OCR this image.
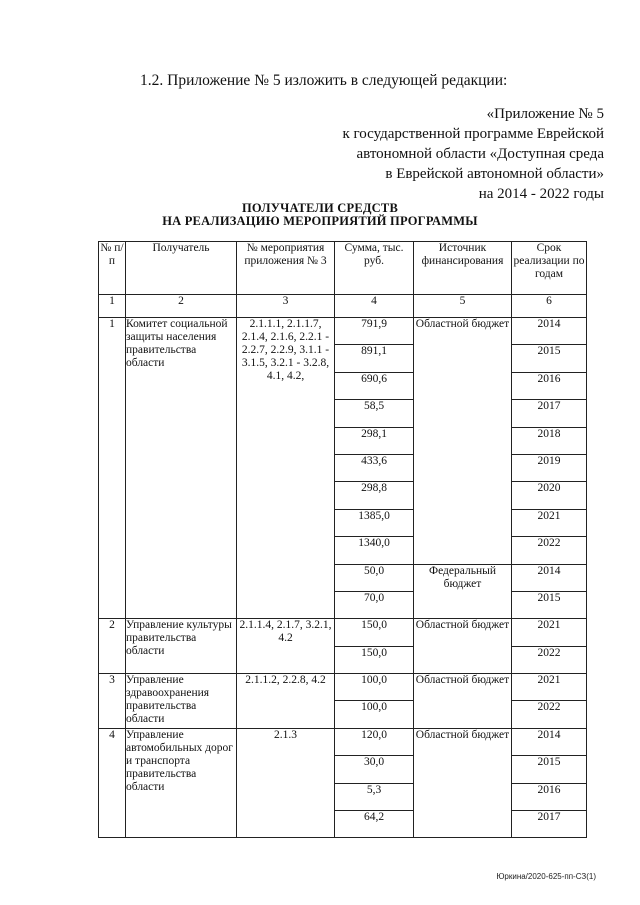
1.2. Приложение № 5 изложить в следующей редакции:
«Приложение № 5
к государственной программе Еврейской
автономной области «Доступная среда
в Еврейской автономной области»
на 2014 - 2022 годы
ПОЛУЧАТЕЛИ СРЕДСТВ
НА РЕАЛИЗАЦИЮ МЕРОПРИЯТИЙ ПРОГРАММЫ
№ п/п	Получатель	№ мероприятия приложения № 3	Сумма, тыс. руб.	Источник финансирования	Срок реализации по годам
1	2	3	4	5	6
1	Комитет социальной защиты населения правительства области	2.1.1.1, 2.1.1.7, 2.1.4, 2.1.6, 2.2.1 - 2.2.7, 2.2.9, 3.1.1 - 3.1.5, 3.2.1 - 3.2.8, 4.1, 4.2,	791,9	Областной бюджет	2014
			891,1		2015
			690,6		2016
			58,5		2017
			298,1		2018
			433,6		2019
			298,8		2020
			1385,0		2021
			1340,0		2022
			50,0	Федеральный бюджет	2014
			70,0		2015
2	Управление культуры правительства области	2.1.1.4, 2.1.7, 3.2.1, 4.2	150,0	Областной бюджет	2021
			150,0		2022
3	Управление здравоохранения правительства области	2.1.1.2, 2.2.8, 4.2	100,0	Областной бюджет	2021
			100,0		2022
4	Управление автомобильных дорог и транспорта правительства области	2.1.3	120,0	Областной бюджет	2014
			30,0		2015
			5,3		2016
			64,2		2017
Юркина/2020-625-пп-СЗ(1)
